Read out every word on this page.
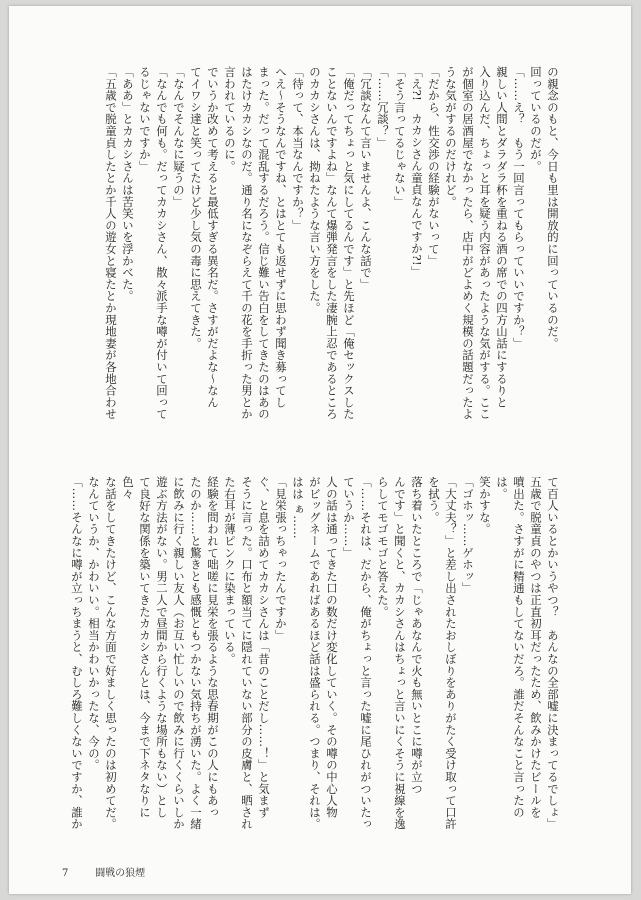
の親念のもと、今日も里は開放的に回っているのだ。

回っているのだが。

「……え？　もう一回言ってもらっていいですか？」

親しい人間とダラダラ杯を重ねる酒の席での四方山話にするりと

入り込んだ、ちょっと耳を疑う内容があったような気がする。ここ

が個室の居酒屋でなかったら、店中がどよめく規模の話題だったよ

うな気がするのだけれど。

「だから、性交渉の経験がないって」

「え?!　カカシさん童貞なんですか?!」

「そう言ってるじゃない」

「……冗談？」

「冗談なんて言いませんよ、こんな話で」

「俺だってちょっと気にしてるんです」と先ほど「俺セックスした

ことないんですよね」なんて爆弾発言をした凄腕上忍であるところ

のカカシさんは、拗ねたような言い方をした。

「待って、本当なんですか？」

へえ〜そうなんですね、とはとても返せずに思わず聞き募ってし

まった。だって混乱するだろう。信じ難い告白をしてきたのはあの

はたけカカシなのだ。通り名になぞらえて千の花を手折った男とか

言われているのに。

でいうか改めて考えると最低すぎる異名だ。さすがだよな〜なん

てイワシ達と笑ってたけど少し気の毒に思えてきた。

「なんでそんなに疑うの」

「なんでも何も。だってカカシさん、散々派手な噂が付いて回って

るじゃないですか」

「ああ」とカカシさんは苦笑いを浮かべた。

「五歳で脱童貞したとか千人の遊女と寝たとか現地妻が各地合わせ

て百人いるとかいうやつ？　あんなの全部嘘に決まってるでしょ」

五歳で脱童貞のやつは正直初耳だったため、飲みかけたビールを

噴出た。さすがに精通もしてないだろ。誰だそんなこと言ったのは。

笑かすな。

「ゴホッ……ゲホッ」

「大丈夫？」と差し出されたおしぼりをありがたく受け取って口許

を拭う。

落ち着いたところで「じゃあなんで火も無いとこに噂が立つ

んです」と聞くと、カカシさんはちょっと言いにくそうに視線を逸

らしてモゴモゴと答えた。

「……それは、だから、俺がちょっと言った嘘に尾ひれがついたっ

ていうか……」

人の話は通ってきた口の数だけ変化していく。その噂の中心人物

がビッグネームであればあるほど話は盛られる。つまり、それは。

はは ぁ……

「見栄張っちゃったんですか」

ぐ、と息を詰めてカカシさんは「昔のことだし……！」と気まず

そうに言った。口布と額当てに隠れていない部分の皮膚と、晒され

た右耳が薄ピンクに染まっている。

経験を問われて咄嗟に見栄を張るような思春期がこの人にもあっ

たのか……と驚きとも感慨ともつかない気持ちが湧いた。よく一緒

に飲みに行く親しい友人（お互い忙しいので飲みに行くくらいしか

遊ぶ方法がない。男二人で昼間から行くような場所もない）とし

て良好な関係を築いてきたカカシさんとは、今まで下ネタなりに色々

な話をしてきたけど、こんな方面で好ましく思ったのは初めてだ。

なんていうか、かわいい。相当かわいかったな、今の。

「……そんなに噂が立っちまうと、むしろ難しくないですか、誰か

7	闘戦の狼煙
